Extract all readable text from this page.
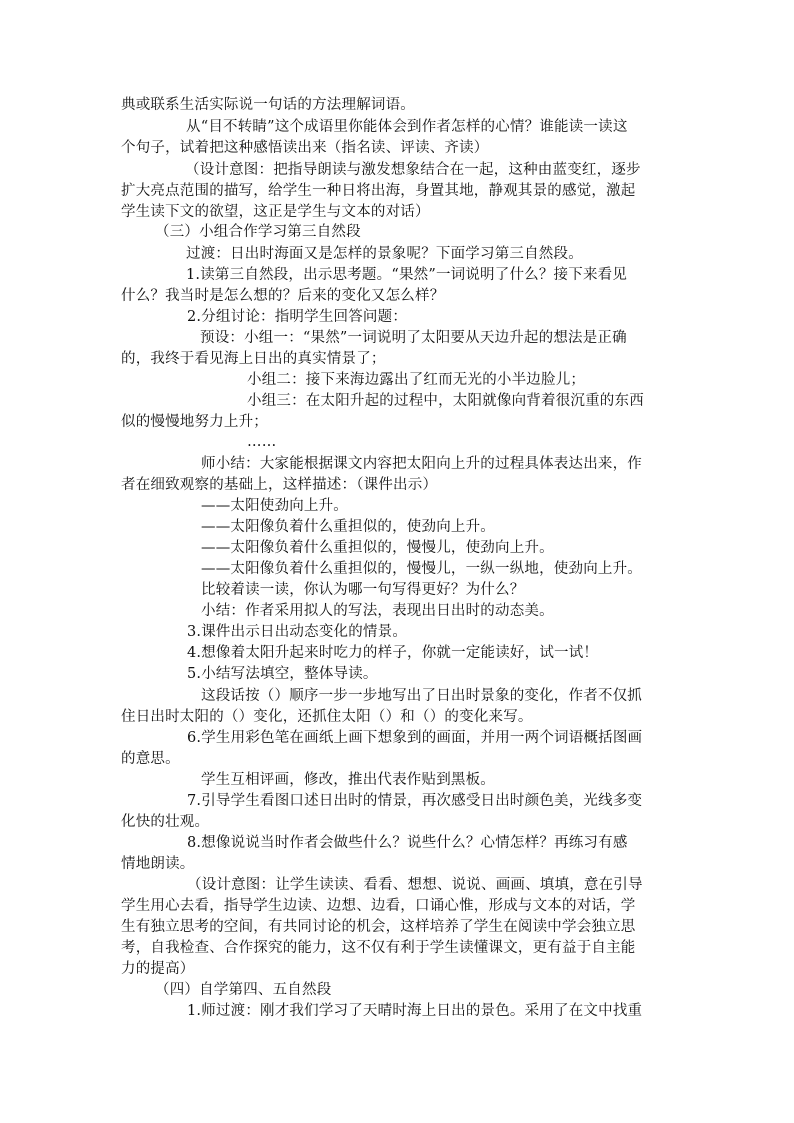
典或联系生活实际说一句话的方法理解词语。
从“目不转睛”这个成语里你能体会到作者怎样的心情？谁能读一读这
个句子，试着把这种感悟读出来（指名读、评读、齐读）
（设计意图：把指导朗读与激发想象结合在一起，这种由蓝变红，逐步
扩大亮点范围的描写，给学生一种日将出海，身置其地，静观其景的感觉，激起
学生读下文的欲望，这正是学生与文本的对话）
（三）小组合作学习第三自然段
过渡：日出时海面又是怎样的景象呢？下面学习第三自然段。
1.读第三自然段，出示思考题。“果然”一词说明了什么？接下来看见
什么？我当时是怎么想的？后来的变化又怎么样？
2.分组讨论：指明学生回答问题：
预设：小组一：“果然”一词说明了太阳要从天边升起的想法是正确
的，我终于看见海上日出的真实情景了；
小组二：接下来海边露出了红而无光的小半边脸儿；
小组三：在太阳升起的过程中，太阳就像向背着很沉重的东西
似的慢慢地努力上升；
……
师小结：大家能根据课文内容把太阳向上升的过程具体表达出来，作
者在细致观察的基础上，这样描述：（课件出示）
——太阳使劲向上升。
——太阳像负着什么重担似的，使劲向上升。
——太阳像负着什么重担似的，慢慢儿，使劲向上升。
——太阳像负着什么重担似的，慢慢儿，一纵一纵地，使劲向上升。
比较着读一读，你认为哪一句写得更好？为什么？
小结：作者采用拟人的写法，表现出日出时的动态美。
3.课件出示日出动态变化的情景。
4.想像着太阳升起来时吃力的样子，你就一定能读好，试一试！
5.小结写法填空，整体导读。
这段话按（）顺序一步一步地写出了日出时景象的变化，作者不仅抓
住日出时太阳的（）变化，还抓住太阳（）和（）的变化来写。
6.学生用彩色笔在画纸上画下想象到的画面，并用一两个词语概括图画
的意思。
学生互相评画，修改，推出代表作贴到黑板。
7.引导学生看图口述日出时的情景，再次感受日出时颜色美，光线多变
化快的壮观。
8.想像说说当时作者会做些什么？说些什么？心情怎样？再练习有感
情地朗读。
（设计意图：让学生读读、看看、想想、说说、画画、填填，意在引导
学生用心去看，指导学生边读、边想、边看，口诵心惟，形成与文本的对话，学
生有独立思考的空间，有共同讨论的机会，这样培养了学生在阅读中学会独立思
考，自我检查、合作探究的能力，这不仅有利于学生读懂课文，更有益于自主能
力的提高）
（四）自学第四、五自然段
1.师过渡：刚才我们学习了天晴时海上日出的景色。采用了在文中找重
